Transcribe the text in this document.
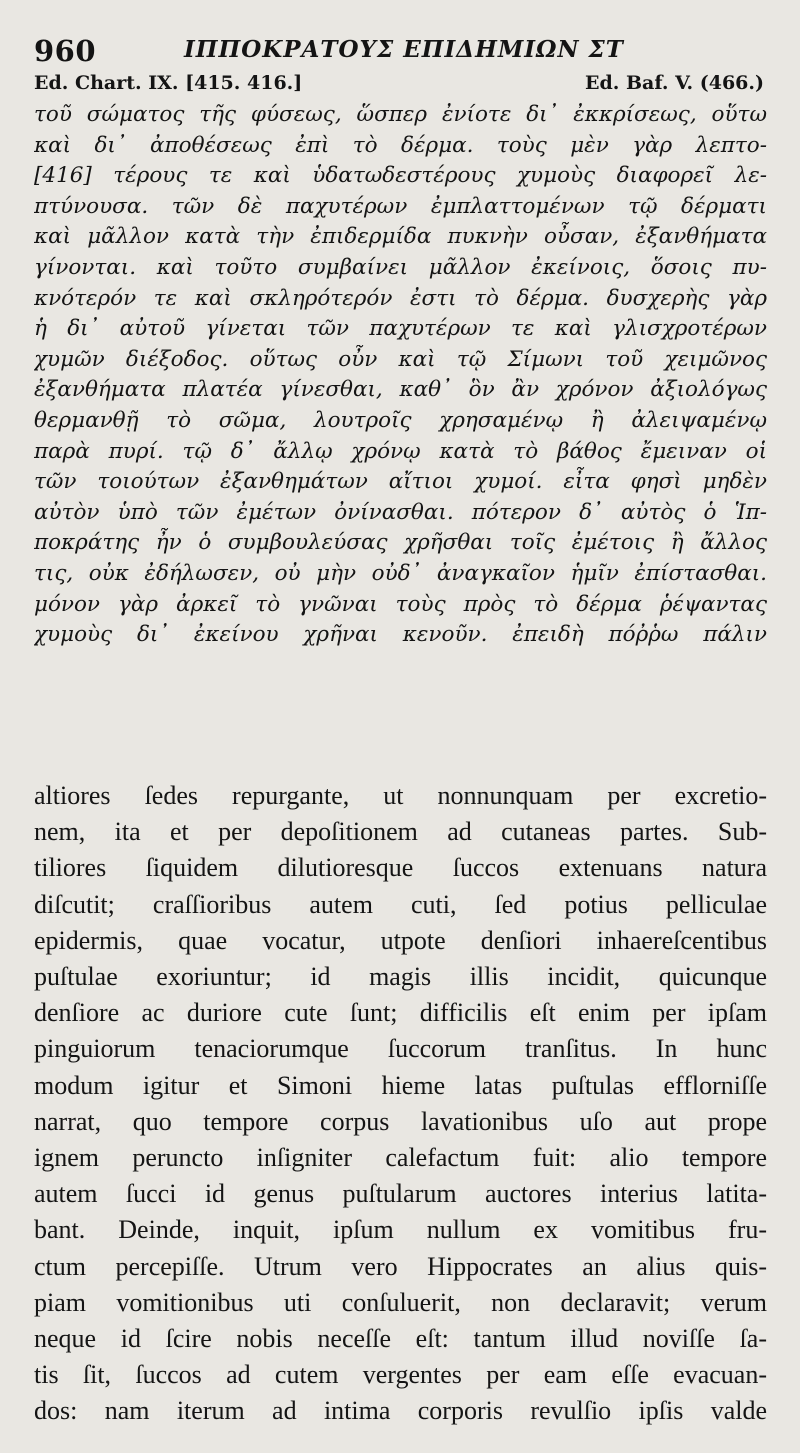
960	ΙΠΠΟΚΡΑΤΟΥΣ ΕΠΙΔΗΜΙΩΝ ΣΤ
Ed. Chart. IX. [415. 416.]	Ed. Baf. V. (466.)
τοῦ σώματος τῆς φύσεως, ὥσπερ ἐνίοτε δι᾽ ἐκκρίσεως, οὕτω
καὶ δι᾽ ἀποθέσεως ἐπὶ τὸ δέρμα. τοὺς μὲν γὰρ λεπτο-
[416] τέρους τε καὶ ὑδατωδεστέρους χυμοὺς διαφορεῖ λε-
πτύνουσα. τῶν δὲ παχυτέρων ἐμπλαττομένων τῷ δέρματι
καὶ μᾶλλον κατὰ τὴν ἐπιδερμίδα πυκνὴν οὖσαν, ἐξανθήματα
γίνονται. καὶ τοῦτο συμβαίνει μᾶλλον ἐκείνοις, ὅσοις πυ-
κνότερόν τε καὶ σκληρότερόν ἐστι τὸ δέρμα. δυσχερὴς γὰρ
ἡ δι᾽ αὐτοῦ γίνεται τῶν παχυτέρων τε καὶ γλισχροτέρων
χυμῶν διέξοδος. οὕτως οὖν καὶ τῷ Σίμωνι τοῦ χειμῶνος
ἐξανθήματα πλατέα γίνεσθαι, καθ᾽ ὃν ἂν χρόνον ἀξιολόγως
θερμανθῇ τὸ σῶμα, λουτροῖς χρησαμένῳ ἢ ἀλειψαμένῳ
παρὰ πυρί. τῷ δ᾽ ἄλλῳ χρόνῳ κατὰ τὸ βάθος ἔμειναν οἱ
τῶν τοιούτων ἐξανθημάτων αἴτιοι χυμοί. εἶτα φησὶ μηδὲν
αὐτὸν ὑπὸ τῶν ἐμέτων ὀνίνασθαι. πότερον δ᾽ αὐτὸς ὁ Ἱπ-
ποκράτης ἦν ὁ συμβουλεύσας χρῆσθαι τοῖς ἐμέτοις ἢ ἄλλος
τις, οὐκ ἐδήλωσεν, οὐ μὴν οὐδ᾽ ἀναγκαῖον ἡμῖν ἐπίστασθαι.
μόνον γὰρ ἀρκεῖ τὸ γνῶναι τοὺς πρὸς τὸ δέρμα ῥέψαντας
χυμοὺς δι᾽ ἐκείνου χρῆναι κενοῦν. ἐπειδὴ πόῤῥω πάλιν
altiores ſedes repurgante, ut nonnunquam per excretio-
nem, ita et per depoſitionem ad cutaneas partes. Sub-
tiliores ſiquidem dilutioresque ſuccos extenuans natura
diſcutit; craſſioribus autem cuti, ſed potius pelliculae
epidermis, quae vocatur, utpote denſiori inhaereſcentibus
puſtulae exoriuntur; id magis illis incidit, quicunque
denſiore ac duriore cute ſunt; difficilis eſt enim per ipſam
pinguiorum tenaciorumque ſuccorum tranſitus. In hunc
modum igitur et Simoni hieme latas puſtulas efflorniſſe
narrat, quo tempore corpus lavationibus uſo aut prope
ignem peruncto inſigniter calefactum fuit: alio tempore
autem ſucci id genus puſtularum auctores interius latita-
bant. Deinde, inquit, ipſum nullum ex vomitibus fru-
ctum percepiſſe. Utrum vero Hippocrates an alius quis-
piam vomitionibus uti conſuluerit, non declaravit; verum
neque id ſcire nobis neceſſe eſt: tantum illud noviſſe ſa-
tis ſit, ſuccos ad cutem vergentes per eam eſſe evacuan-
dos: nam iterum ad intima corporis revulſio ipſis valde
